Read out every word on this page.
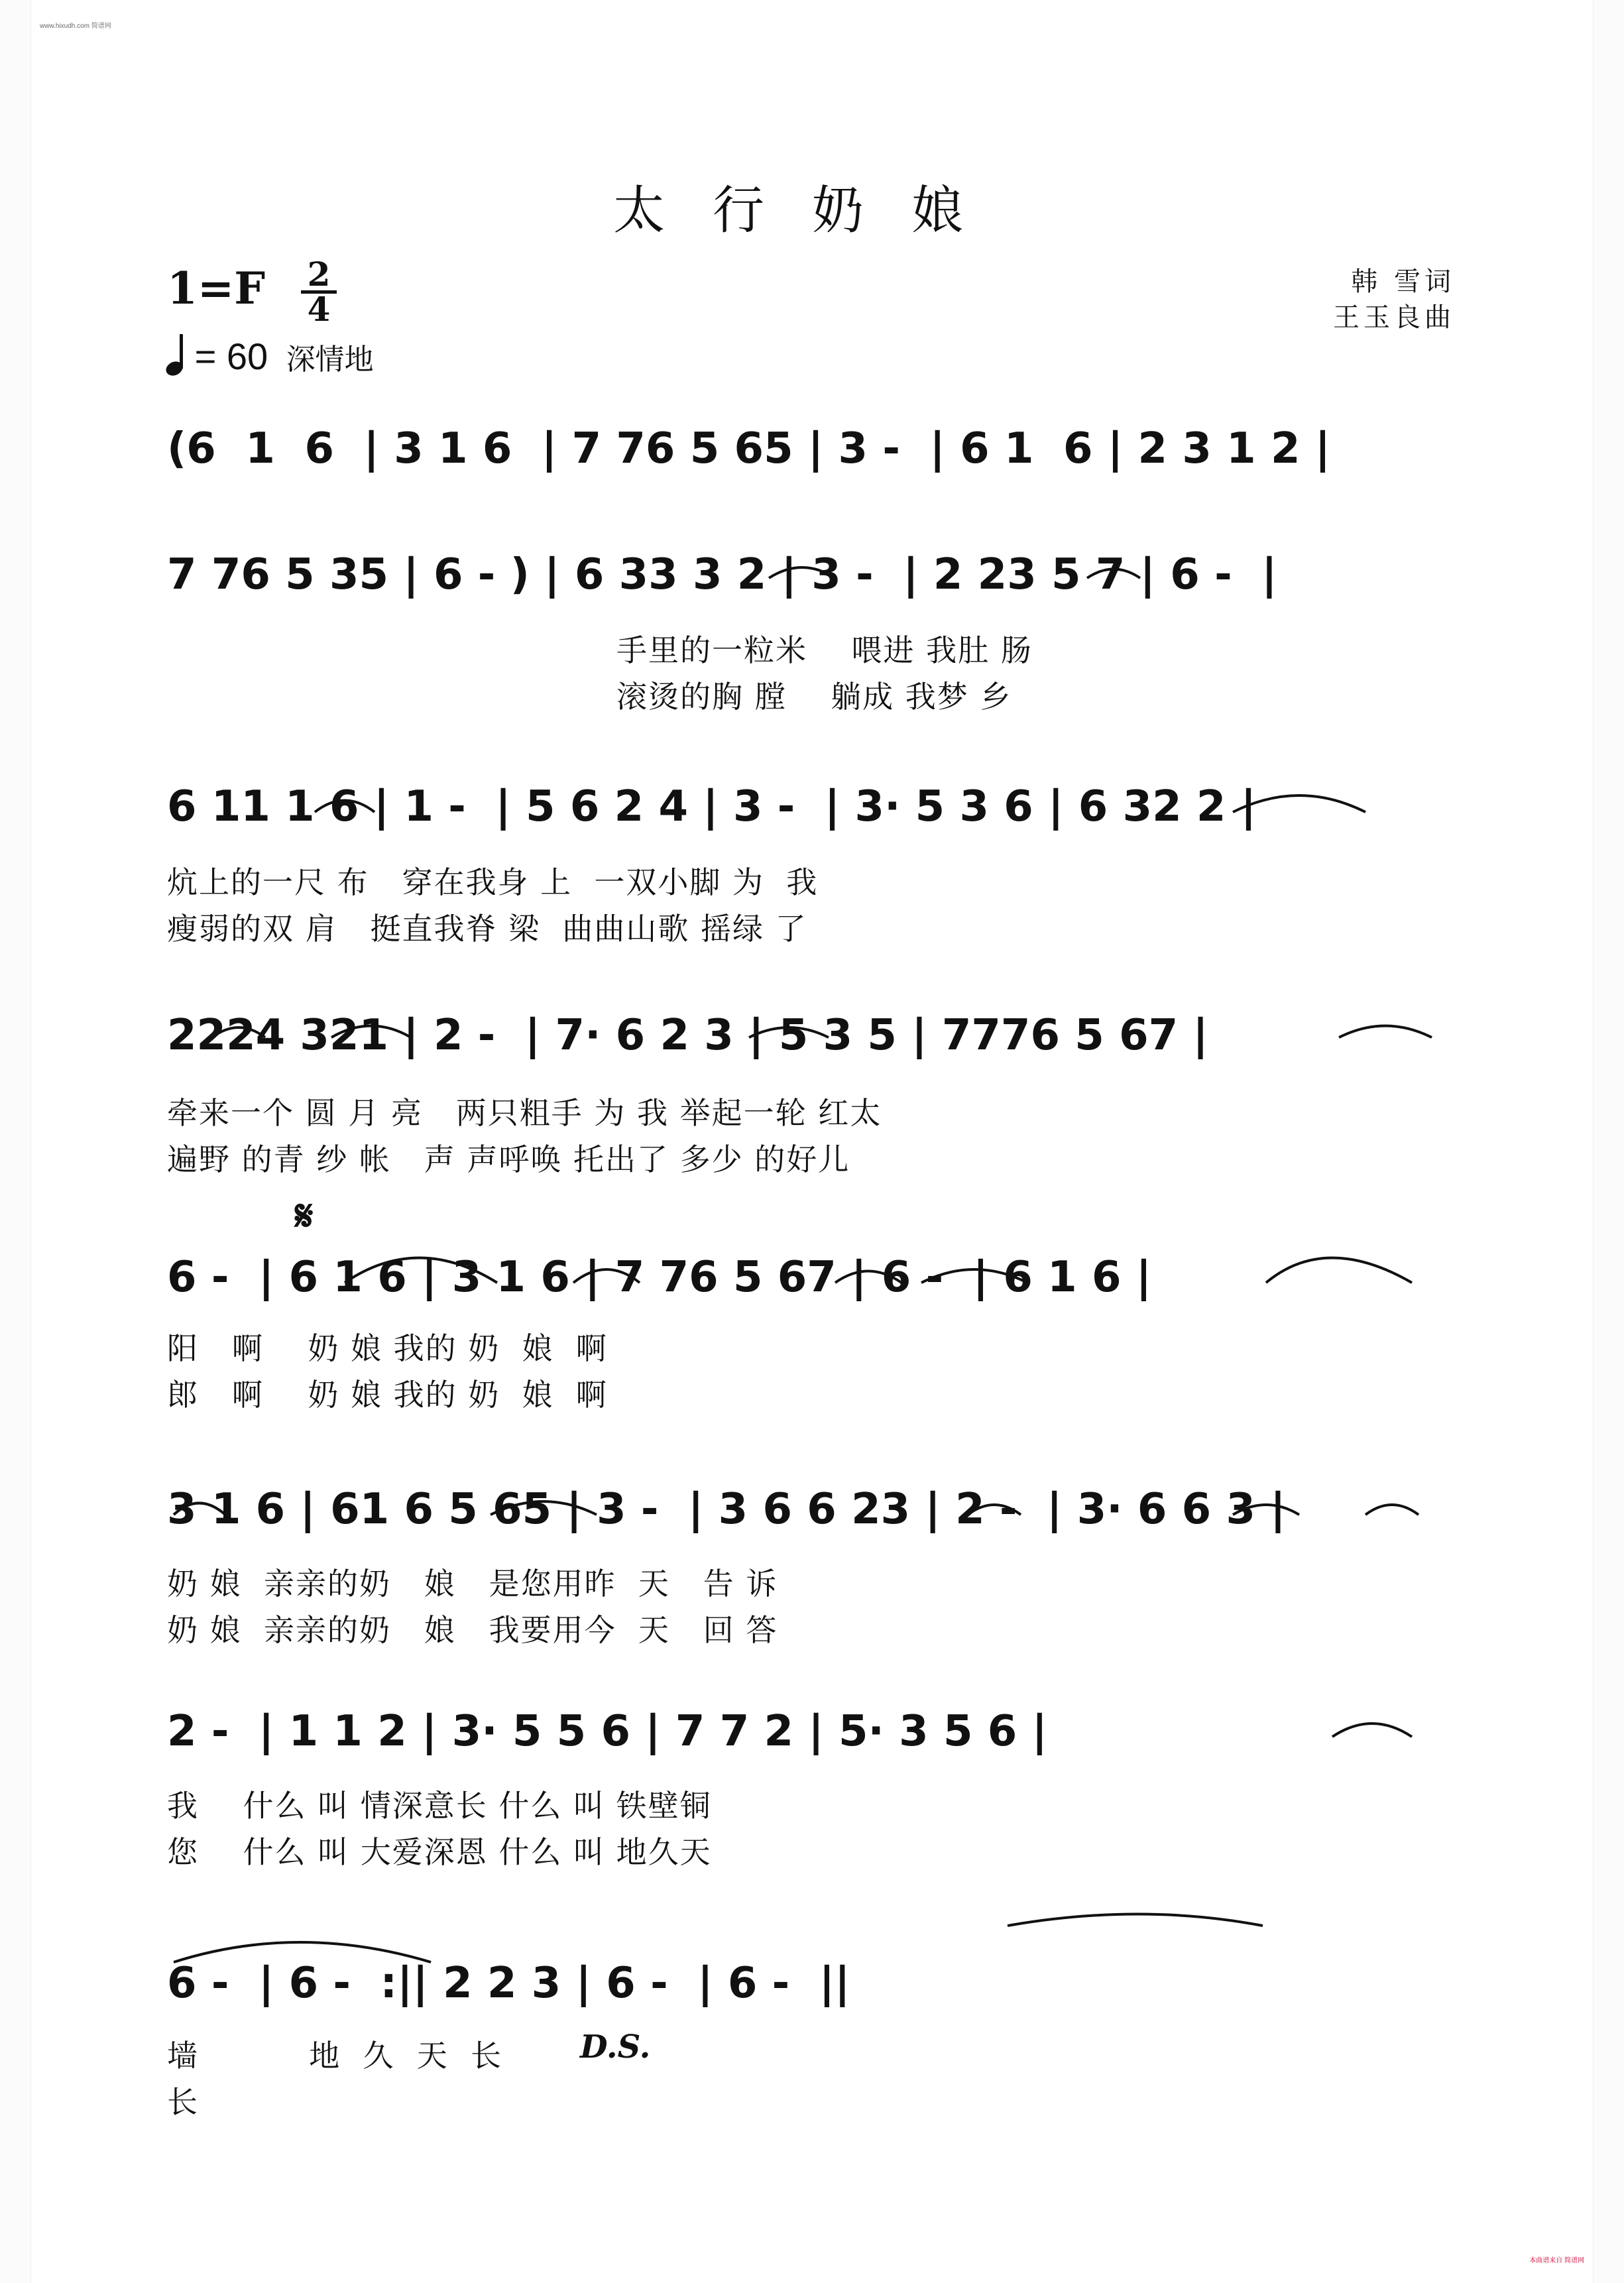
www.hixudh.com 简谱网
太行奶娘
1=F 2
4
= 60 深情地
韩 雪词
王玉良曲
(6  1  6  | 3 1 6  | 7 76 5 65 | 3 -  | 6 1  6 | 2 3 1 2 |
7 76 5 35 | 6 - ) | 6 33 3 2 | 3 -  | 2 23 5 7 | 6 -  |
手里的一粒米    喂进 我肚 肠
滚烫的胸 膛    躺成 我梦 乡
6 11 1 6 | 1 -  | 5 6 2 4 | 3 -  | 3· 5 3 6 | 6 32 2 |
炕上的一尺 布   穿在我身 上  一双小脚 为  我
瘦弱的双 肩   挺直我脊 梁  曲曲山歌 摇绿 了
2224 321 | 2 -  | 7· 6 2 3 | 5 3 5 | 7776 5 67 |
牵来一个 圆 月 亮   两只粗手 为 我 举起一轮 红太
遍野 的青 纱 帐   声 声呼唤 托出了 多少 的好儿
𝄋
6 -  | 6 1 6 | 3 1 6 | 7 76 5 67 | 6 -  | 6 1 6 |
阳   啊    奶 娘 我的 奶  娘  啊
郎   啊    奶 娘 我的 奶  娘  啊
3 1 6 | 61 6 5 65 | 3 -  | 3 6 6 23 | 2 -  | 3· 6 6 3 |
奶 娘  亲亲的奶   娘   是您用昨  天   告 诉
奶 娘  亲亲的奶   娘   我要用今  天   回 答
2 -  | 1 1 2 | 3· 5 5 6 | 7 7 2 | 5· 3 5 6 |
我    什么 叫 情深意长 什么 叫 铁壁铜
您    什么 叫 大爱深恩 什么 叫 地久天
6 -  | 6 -  :|| 2 2 3 | 6 -  | 6 -  ||
D.S.
墙          地  久  天  长
长
本曲谱来自 简谱网
